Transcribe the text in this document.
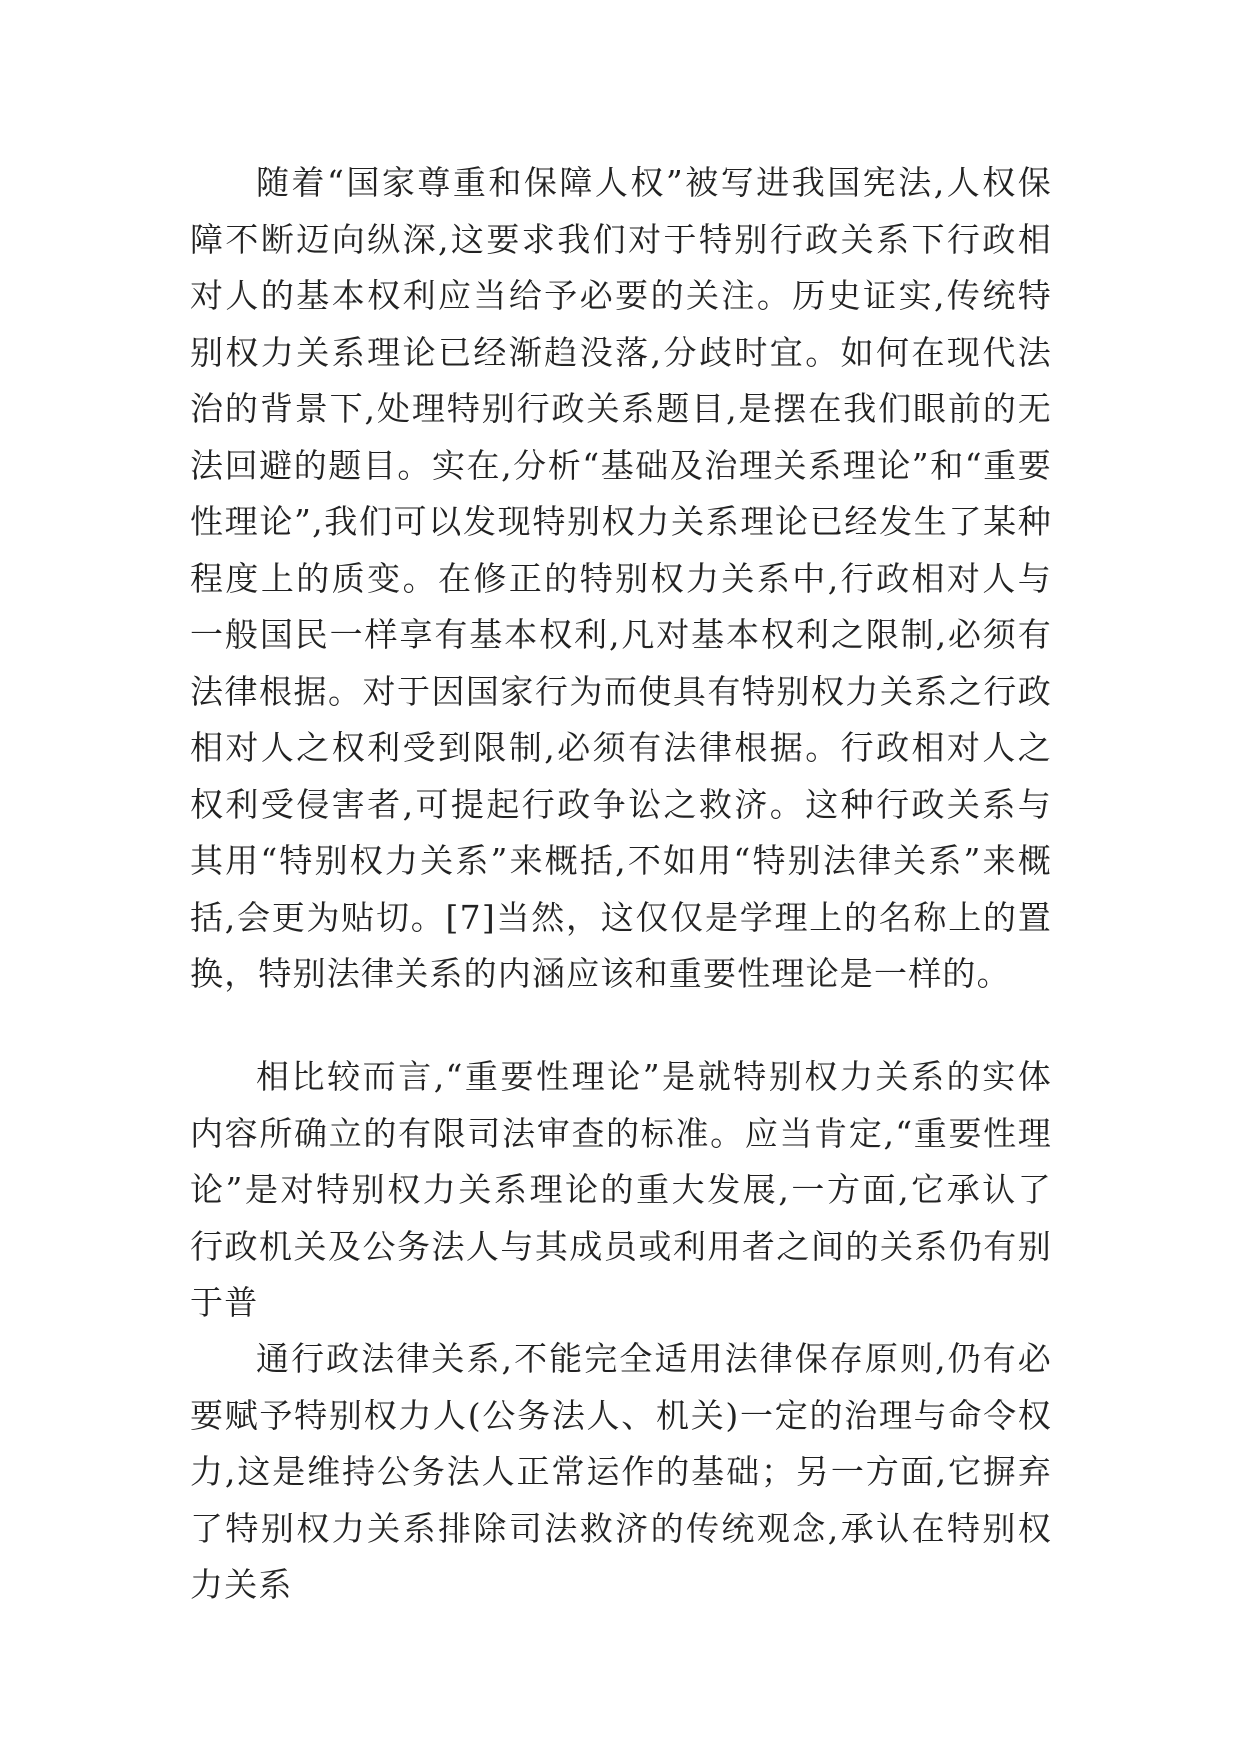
随着“国家尊重和保障人权”被写进我国宪法,人权保障不断迈向纵深,这要求我们对于特别行政关系下行政相对人的基本权利应当给予必要的关注。历史证实,传统特别权力关系理论已经渐趋没落,分歧时宜。如何在现代法治的背景下,处理特别行政关系题目,是摆在我们眼前的无法回避的题目。实在,分析“基础及治理关系理论”和“重要性理论”,我们可以发现特别权力关系理论已经发生了某种程度上的质变。在修正的特别权力关系中,行政相对人与一般国民一样享有基本权利,凡对基本权利之限制,必须有法律根据。对于因国家行为而使具有特别权力关系之行政相对人之权利受到限制,必须有法律根据。行政相对人之权利受侵害者,可提起行政争讼之救济。这种行政关系与其用“特别权力关系”来概括,不如用“特别法律关系”来概括,会更为贴切。[7]当然，这仅仅是学理上的名称上的置换，特别法律关系的内涵应该和重要性理论是一样的。

相比较而言,“重要性理论”是就特别权力关系的实体内容所确立的有限司法审查的标准。应当肯定,“重要性理论”是对特别权力关系理论的重大发展,一方面,它承认了行政机关及公务法人与其成员或利用者之间的关系仍有别于普

通行政法律关系,不能完全适用法律保存原则,仍有必要赋予特别权力人(公务法人、机关)一定的治理与命令权力,这是维持公务法人正常运作的基础；另一方面,它摒弃了特别权力关系排除司法救济的传统观念,承认在特别权力关系
